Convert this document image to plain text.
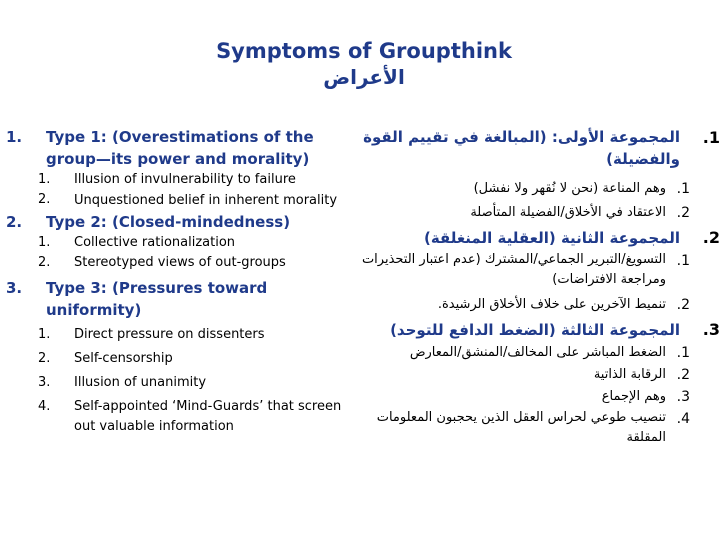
Symptoms of Groupthink
الأعراض
1. Type 1: (Overestimations of the group—its power and morality)
1. Illusion of invulnerability to failure
2. Unquestioned belief in inherent morality
2. Type 2: (Closed-mindedness)
1. Collective rationalization
2. Stereotyped views of out-groups
3. Type 3: (Pressures toward uniformity)
1. Direct pressure on dissenters
2. Self-censorship
3. Illusion of unanimity
4. Self-appointed ‘Mind-Guards’ that screen out valuable information
1.
المجموعة الأولى: (المبالغة في تقييم القوة والفضيلة)
1.
وهم المناعة (نحن لا نُقهر ولا نفشل)
2.
الاعتقاد في الأخلاق/الفضيلة المتأصلة
2.
المجموعة الثانية (العقلية المنغلقة)
1.
التسويغ/التبرير الجماعي/المشترك (عدم اعتبار التحذيرات ومراجعة الافتراضات)
2.
تنميط الآخرين على خلاف الأخلاق الرشيدة.
3.
المجموعة الثالثة (الضغط الدافع للتوحد)
1.
الضغط المباشر على المخالف/المنشق/المعارض
2.
الرقابة الذاتية
3.
وهم الإجماع
4.
تنصيب طوعي لحراس العقل الذين يحجبون المعلومات المقلقة
